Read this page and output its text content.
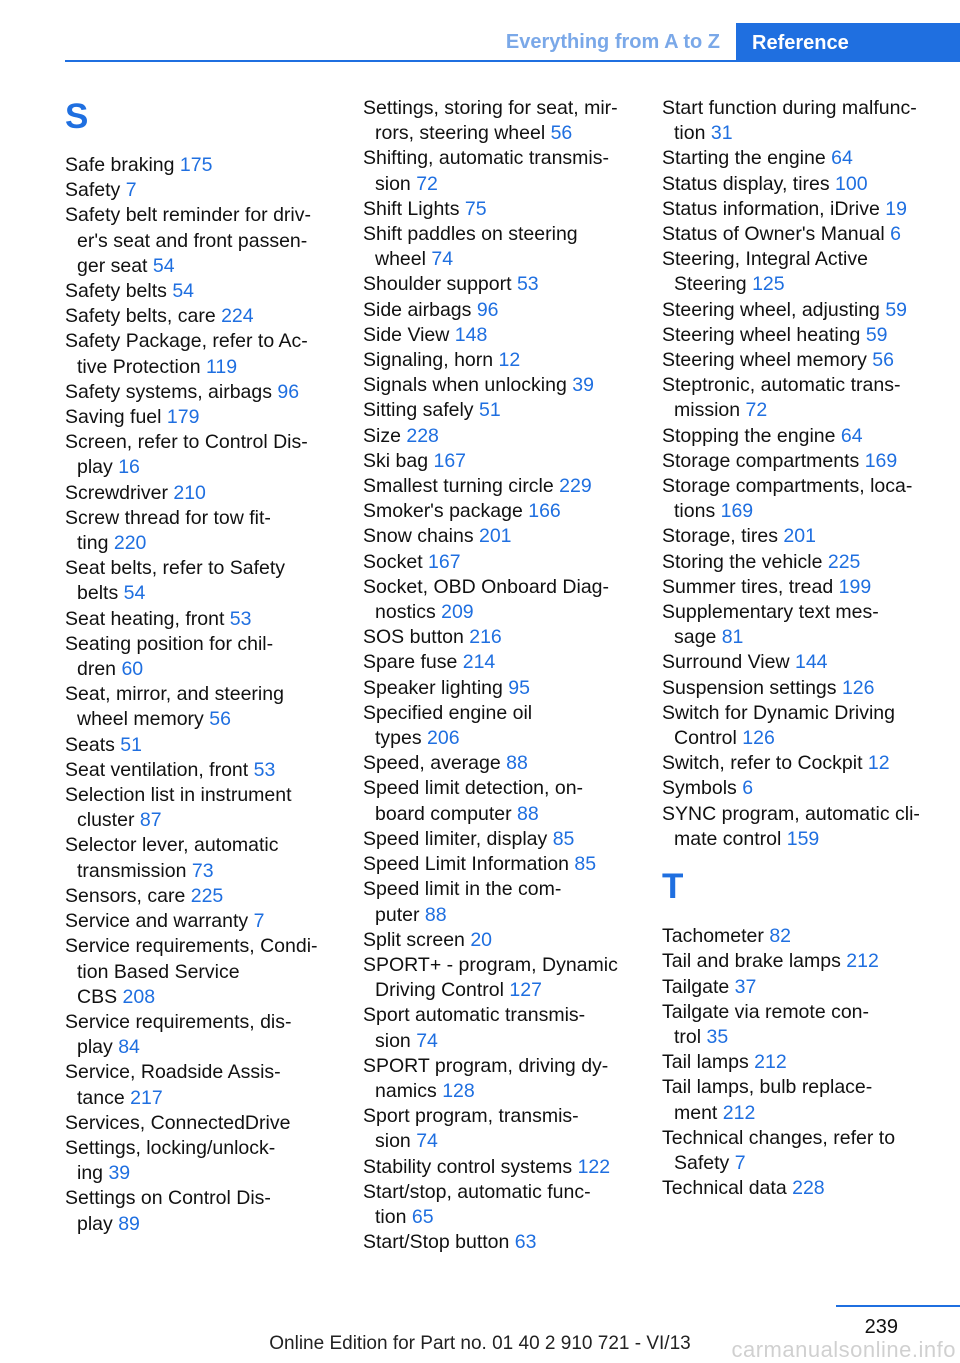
Everything from A to Z	Reference
S
Safe braking 175
Safety 7
Safety belt reminder for driv-
er's seat and front passen-
ger seat 54
Safety belts 54
Safety belts, care 224
Safety Package, refer to Ac-
tive Protection 119
Safety systems, airbags 96
Saving fuel 179
Screen, refer to Control Dis-
play 16
Screwdriver 210
Screw thread for tow fit-
ting 220
Seat belts, refer to Safety
belts 54
Seat heating, front 53
Seating position for chil-
dren 60
Seat, mirror, and steering
wheel memory 56
Seats 51
Seat ventilation, front 53
Selection list in instrument
cluster 87
Selector lever, automatic
transmission 73
Sensors, care 225
Service and warranty 7
Service requirements, Condi-
tion Based Service
CBS 208
Service requirements, dis-
play 84
Service, Roadside Assis-
tance 217
Services, ConnectedDrive
Settings, locking/unlock-
ing 39
Settings on Control Dis-
play 89
Settings, storing for seat, mir-
rors, steering wheel 56
Shifting, automatic transmis-
sion 72
Shift Lights 75
Shift paddles on steering
wheel 74
Shoulder support 53
Side airbags 96
Side View 148
Signaling, horn 12
Signals when unlocking 39
Sitting safely 51
Size 228
Ski bag 167
Smallest turning circle 229
Smoker's package 166
Snow chains 201
Socket 167
Socket, OBD Onboard Diag-
nostics 209
SOS button 216
Spare fuse 214
Speaker lighting 95
Specified engine oil
types 206
Speed, average 88
Speed limit detection, on-
board computer 88
Speed limiter, display 85
Speed Limit Information 85
Speed limit in the com-
puter 88
Split screen 20
SPORT+ - program, Dynamic
Driving Control 127
Sport automatic transmis-
sion 74
SPORT program, driving dy-
namics 128
Sport program, transmis-
sion 74
Stability control systems 122
Start/stop, automatic func-
tion 65
Start/Stop button 63
Start function during malfunc-
tion 31
Starting the engine 64
Status display, tires 100
Status information, iDrive 19
Status of Owner's Manual 6
Steering, Integral Active
Steering 125
Steering wheel, adjusting 59
Steering wheel heating 59
Steering wheel memory 56
Steptronic, automatic trans-
mission 72
Stopping the engine 64
Storage compartments 169
Storage compartments, loca-
tions 169
Storage, tires 201
Storing the vehicle 225
Summer tires, tread 199
Supplementary text mes-
sage 81
Surround View 144
Suspension settings 126
Switch for Dynamic Driving
Control 126
Switch, refer to Cockpit 12
Symbols 6
SYNC program, automatic cli-
mate control 159
T
Tachometer 82
Tail and brake lamps 212
Tailgate 37
Tailgate via remote con-
trol 35
Tail lamps 212
Tail lamps, bulb replace-
ment 212
Technical changes, refer to
Safety 7
Technical data 228
239
Online Edition for Part no. 01 40 2 910 721 - VI/13	carmanualsonline.info
